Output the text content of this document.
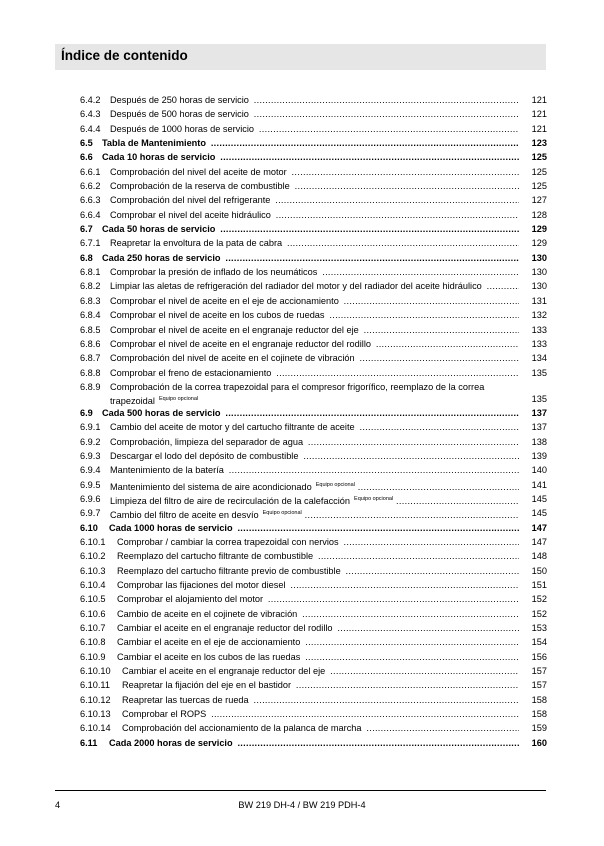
Índice de contenido
6.4.2 Después de 250 horas de servicio .....	121
6.4.3 Después de 500 horas de servicio .....	121
6.4.4 Después de 1000 horas de servicio .....	121
6.5 Tabla de Mantenimiento .....	123
6.6 Cada 10 horas de servicio .....	125
6.6.1 Comprobación del nivel del aceite de motor .....	125
6.6.2 Comprobación de la reserva de combustible .....	125
6.6.3 Comprobación del nivel del refrigerante .....	127
6.6.4 Comprobar el nivel del aceite hidráulico .....	128
6.7 Cada 50 horas de servicio .....	129
6.7.1 Reapretar la envoltura de la pata de cabra .....	129
6.8 Cada 250 horas de servicio .....	130
6.8.1 Comprobar la presión de inflado de los neumáticos .....	130
6.8.2 Limpiar las aletas de refrigeración del radiador del motor y del radiador del aceite hidráulico .....	130
6.8.3 Comprobar el nivel de aceite en el eje de accionamiento .....	131
6.8.4 Comprobar el nivel de aceite en los cubos de ruedas .....	132
6.8.5 Comprobar el nivel de aceite en el engranaje reductor del eje .....	133
6.8.6 Comprobar el nivel de aceite en el engranaje reductor del rodillo .....	133
6.8.7 Comprobación del nivel de aceite en el cojinete de vibración .....	134
6.8.8 Comprobar el freno de estacionamiento .....	135
6.8.9 Comprobación de la correa trapezoidal para el compresor frigorífico, reemplazo de la correa trapezoidal $^{Equipo opcional}$	135
6.9 Cada 500 horas de servicio .....	137
6.9.1 Cambio del aceite de motor y del cartucho filtrante de aceite .....	137
6.9.2 Comprobación, limpieza del separador de agua .....	138
6.9.3 Descargar el lodo del depósito de combustible .....	139
6.9.4 Mantenimiento de la batería .....	140
6.9.5 Mantenimiento del sistema de aire acondicionado $^{Equipo opcional}$ .....	141
6.9.6 Limpieza del filtro de aire de recirculación de la calefacción $^{Equipo opcional}$ .....	145
6.9.7 Cambio del filtro de aceite en desvío $^{Equipo opcional}$ .....	145
6.10 Cada 1000 horas de servicio .....	147
6.10.1 Comprobar / cambiar la correa trapezoidal con nervios .....	147
6.10.2 Reemplazo del cartucho filtrante de combustible .....	148
6.10.3 Reemplazo del cartucho filtrante previo de combustible .....	150
6.10.4 Comprobar las fijaciones del motor diesel .....	151
6.10.5 Comprobar el alojamiento del motor .....	152
6.10.6 Cambio de aceite en el cojinete de vibración .....	152
6.10.7 Cambiar el aceite en el engranaje reductor del rodillo .....	153
6.10.8 Cambiar el aceite en el eje de accionamiento .....	154
6.10.9 Cambiar el aceite en los cubos de las ruedas .....	156
6.10.10 Cambiar el aceite en el engranaje reductor del eje .....	157
6.10.11 Reapretar la fijación del eje en el bastidor .....	157
6.10.12 Reapretar las tuercas de rueda .....	158
6.10.13 Comprobar el ROPS .....	158
6.10.14 Comprobación del accionamiento de la palanca de marcha .....	159
6.11 Cada 2000 horas de servicio .....	160
4	BW 219 DH-4 / BW 219 PDH-4
